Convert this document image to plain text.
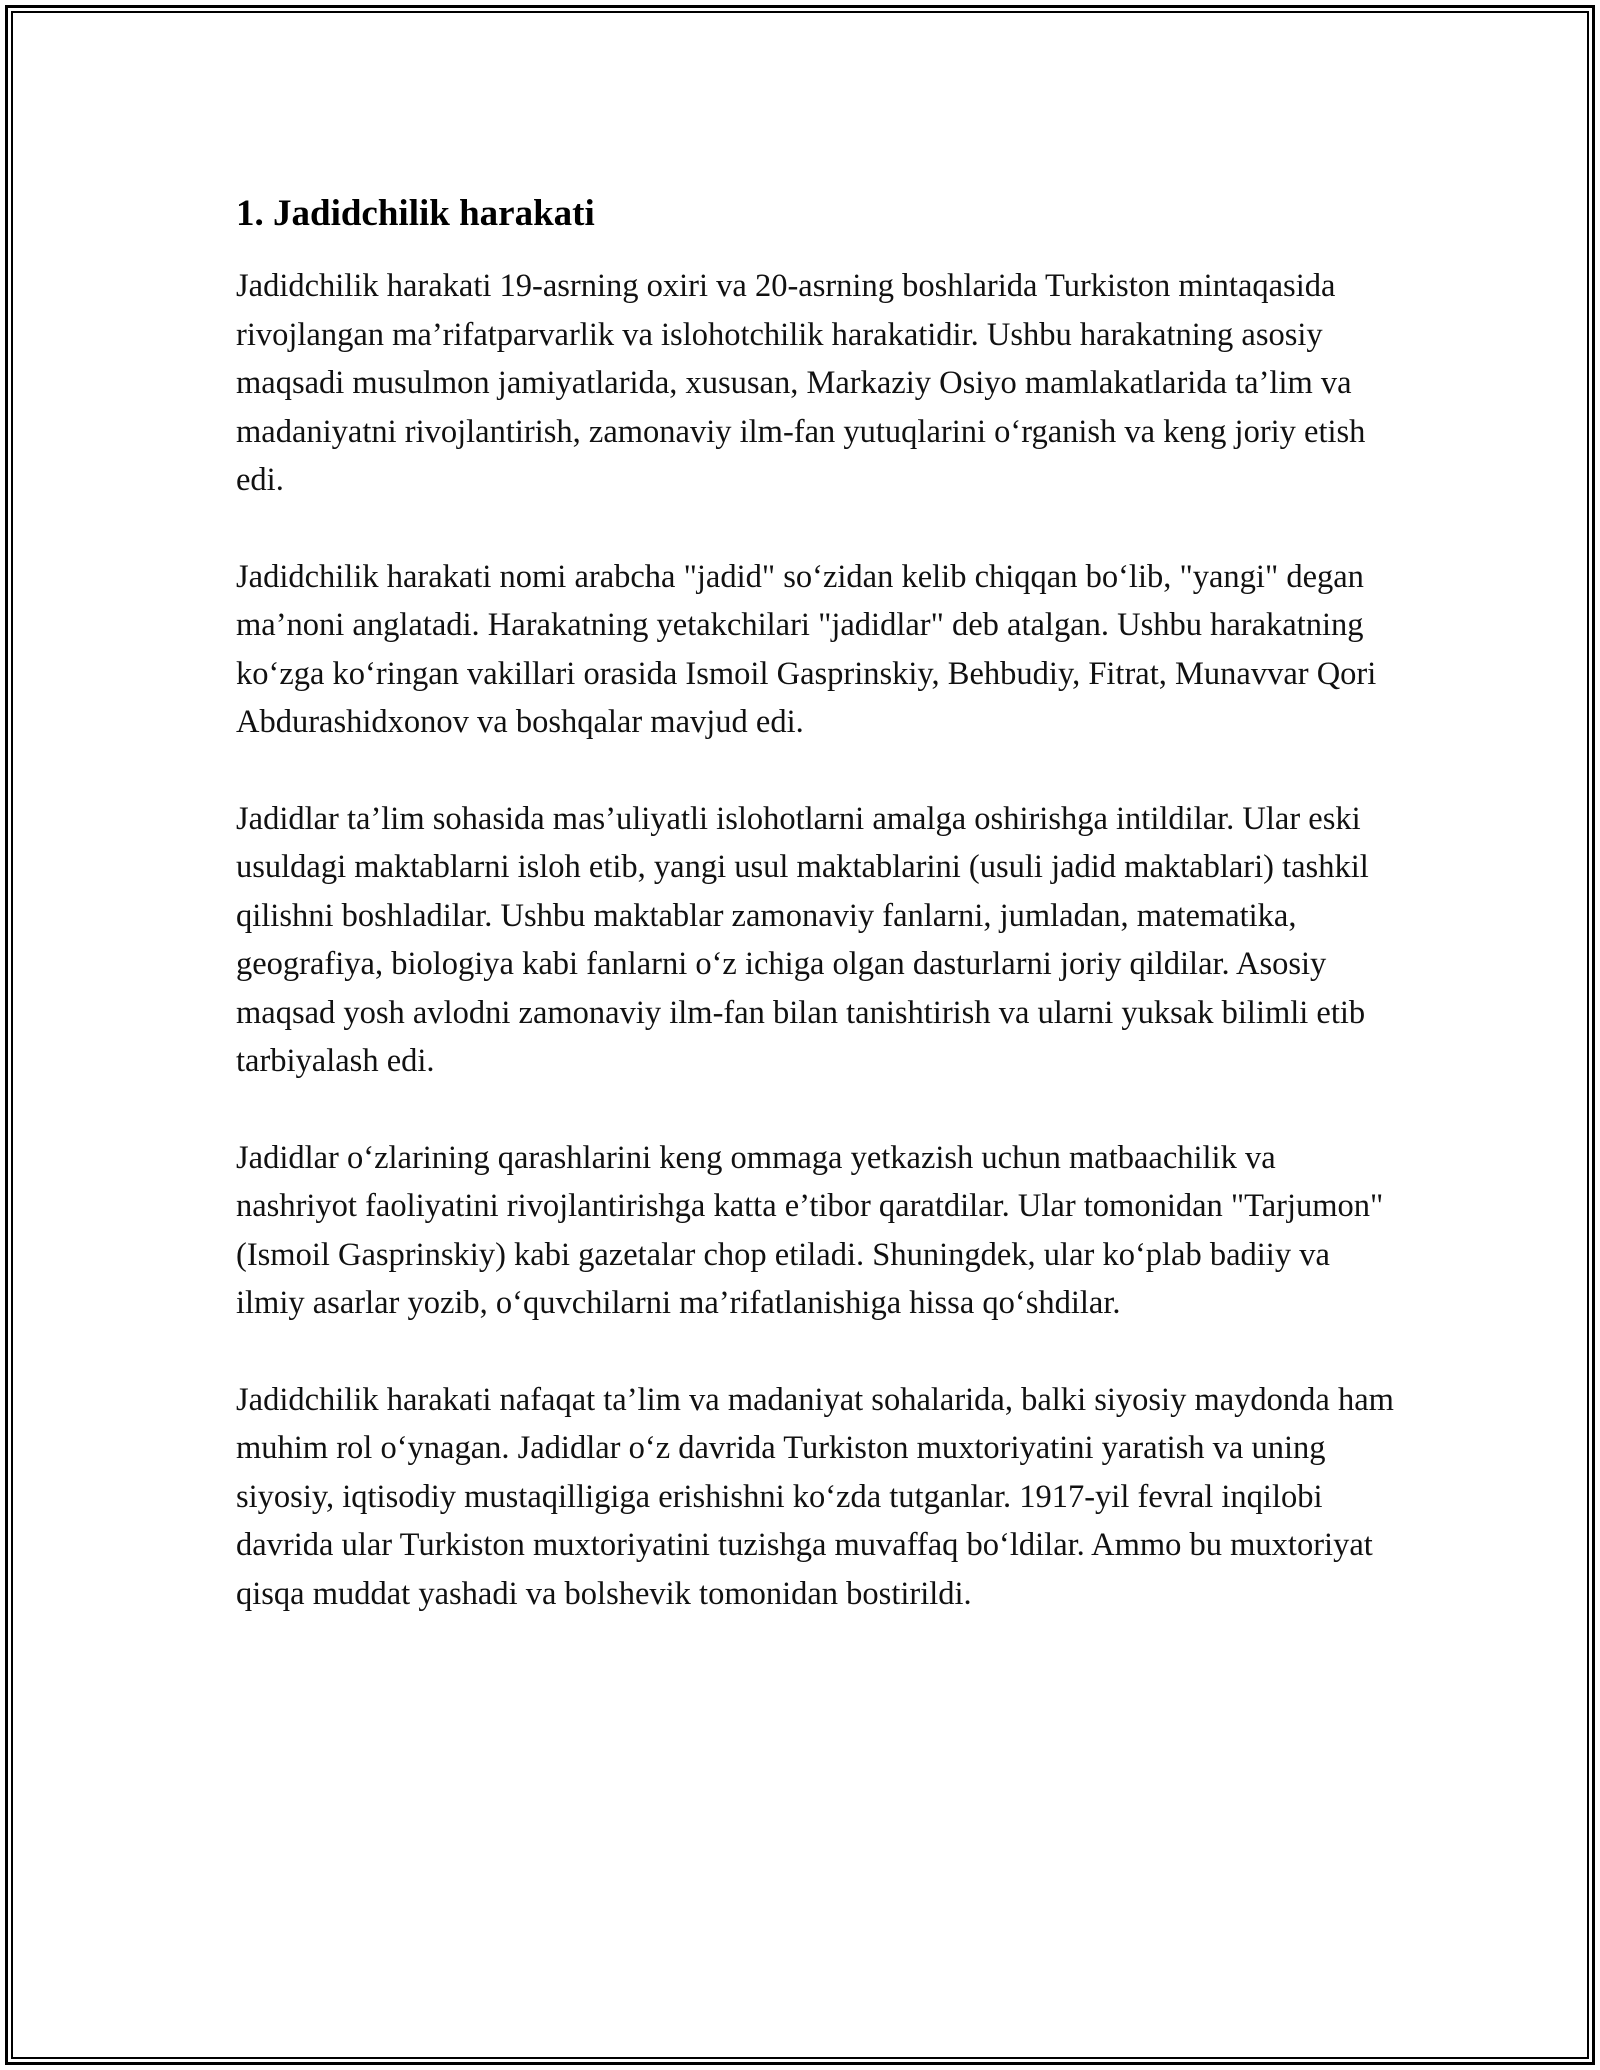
1. Jadidchilik harakati

Jadidchilik harakati 19-asrning oxiri va 20-asrning boshlarida Turkiston mintaqasida rivojlangan ma’rifatparvarlik va islohotchilik harakatidir. Ushbu harakatning asosiy maqsadi musulmon jamiyatlarida, xususan, Markaziy Osiyo mamlakatlarida ta’lim va madaniyatni rivojlantirish, zamonaviy ilm-fan yutuqlarini o‘rganish va keng joriy etish edi.

Jadidchilik harakati nomi arabcha "jadid" so‘zidan kelib chiqqan bo‘lib, "yangi" degan ma’noni anglatadi. Harakatning yetakchilari "jadidlar" deb atalgan. Ushbu harakatning ko‘zga ko‘ringan vakillari orasida Ismoil Gasprinskiy, Behbudiy, Fitrat, Munavvar Qori Abdurashidxonov va boshqalar mavjud edi.

Jadidlar ta’lim sohasida mas’uliyatli islohotlarni amalga oshirishga intildilar. Ular eski usuldagi maktablarni isloh etib, yangi usul maktablarini (usuli jadid maktablari) tashkil qilishni boshladilar. Ushbu maktablar zamonaviy fanlarni, jumladan, matematika, geografiya, biologiya kabi fanlarni o‘z ichiga olgan dasturlarni joriy qildilar. Asosiy maqsad yosh avlodni zamonaviy ilm-fan bilan tanishtirish va ularni yuksak bilimli etib tarbiyalash edi.

Jadidlar o‘zlarining qarashlarini keng ommaga yetkazish uchun matbaachilik va nashriyot faoliyatini rivojlantirishga katta e’tibor qaratdilar. Ular tomonidan "Tarjumon" (Ismoil Gasprinskiy) kabi gazetalar chop etiladi. Shuningdek, ular ko‘plab badiiy va ilmiy asarlar yozib, o‘quvchilarni ma’rifatlanishiga hissa qo‘shdilar.

Jadidchilik harakati nafaqat ta’lim va madaniyat sohalarida, balki siyosiy maydonda ham muhim rol o‘ynagan. Jadidlar o‘z davrida Turkiston muxtoriyatini yaratish va uning siyosiy, iqtisodiy mustaqilligiga erishishni ko‘zda tutganlar. 1917-yil fevral inqilobi davrida ular Turkiston muxtoriyatini tuzishga muvaffaq bo‘ldilar. Ammo bu muxtoriyat qisqa muddat yashadi va bolshevik tomonidan bostirildi.
